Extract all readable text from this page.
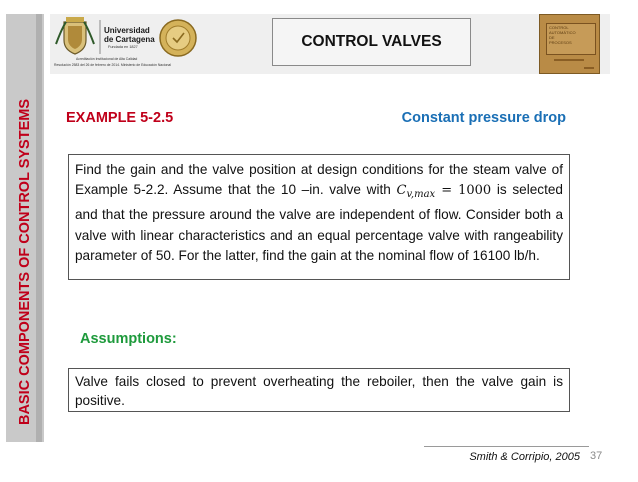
BASIC COMPONENTS OF CONTROL SYSTEMS
Universidad
de Cartagena
Fundada en 1827
Acreditación Institucional de Alta Calidad
Resolución 2583 del 26 de febrero de 2014. Ministerio de Educación Nacional
CONTROL VALVES
CONTROL
AUTOMÁTICO
DE
PROCESOS
EXAMPLE 5-2.5	Constant pressure drop
Find the gain and the valve position at design conditions for the steam valve of Example 5-2.2. Assume that the 10 –in. valve with $C_{v,max} = 1000$ is selected and that the pressure around the valve are independent of flow. Consider both a valve with linear characteristics and an equal percentage valve with rangeability parameter of 50. For the latter, find the gain at the nominal flow of 16100 lb/h.
Assumptions:
Valve fails closed to prevent overheating the reboiler, then the valve gain is positive.
Smith & Corripio, 2005 37
